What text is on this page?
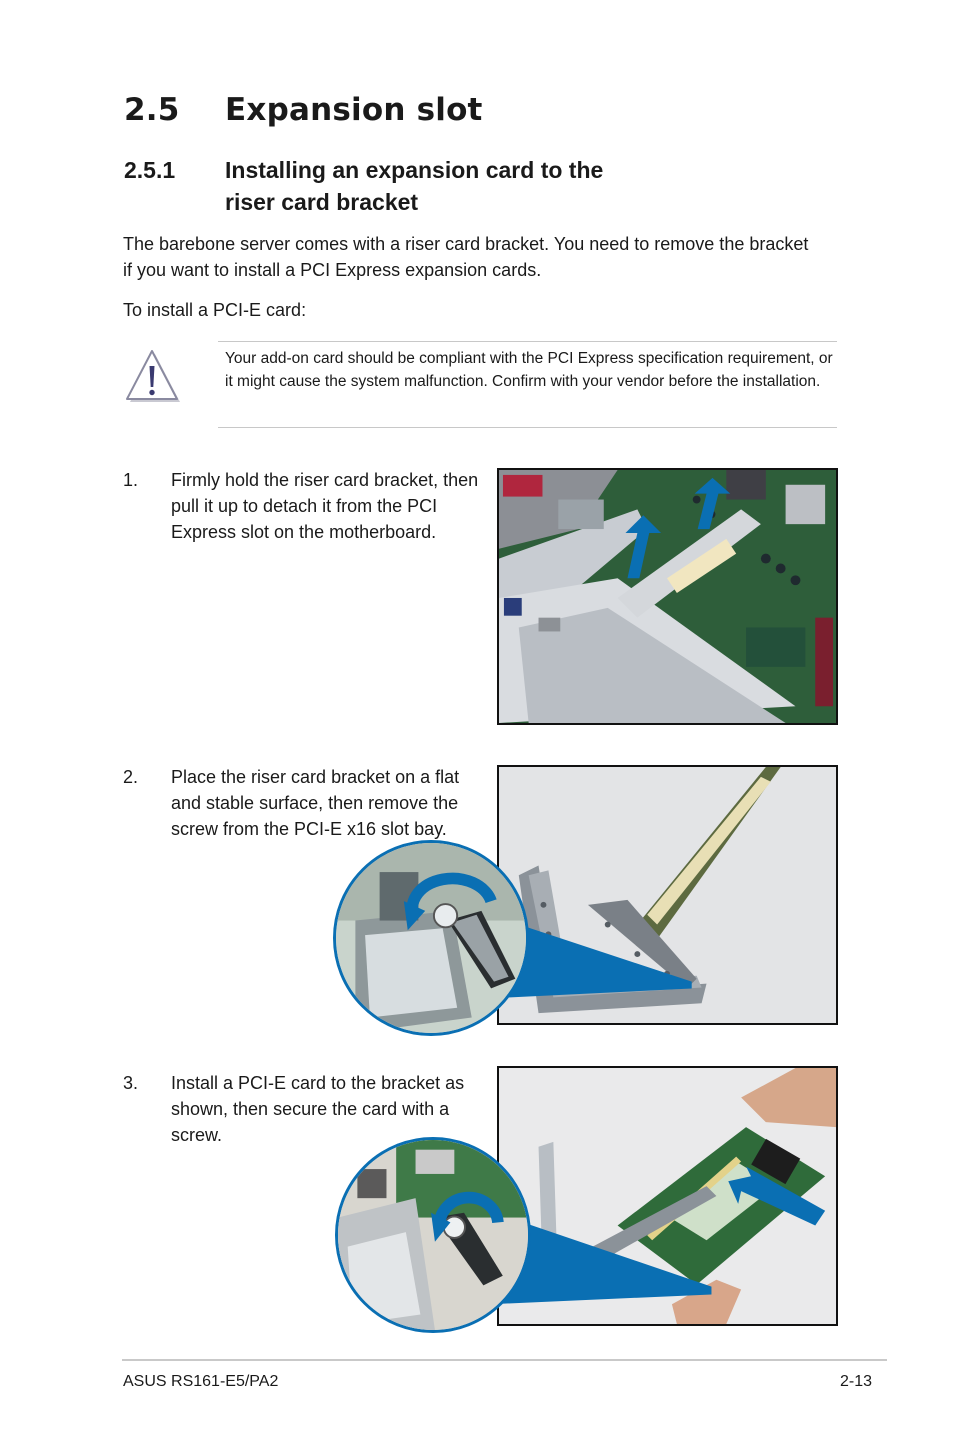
2.5 Expansion slot
2.5.1 Installing an expansion card to the riser card bracket
The barebone server comes with a riser card bracket. You need to remove the bracket if you want to install a PCI Express expansion cards.
To install a PCI-E card:
Your add-on card should be compliant with the PCI Express specification requirement, or it might cause the system malfunction. Confirm with your vendor before the installation.
1. Firmly hold the riser card bracket, then pull it up to detach it from the PCI Express slot on the motherboard.
2. Place the riser card bracket on a flat and stable surface, then remove the screw from the PCI-E x16 slot bay.
3. Install a PCI-E card to the bracket as shown, then secure the card with a screw.
ASUS RS161-E5/PA2	2-13
